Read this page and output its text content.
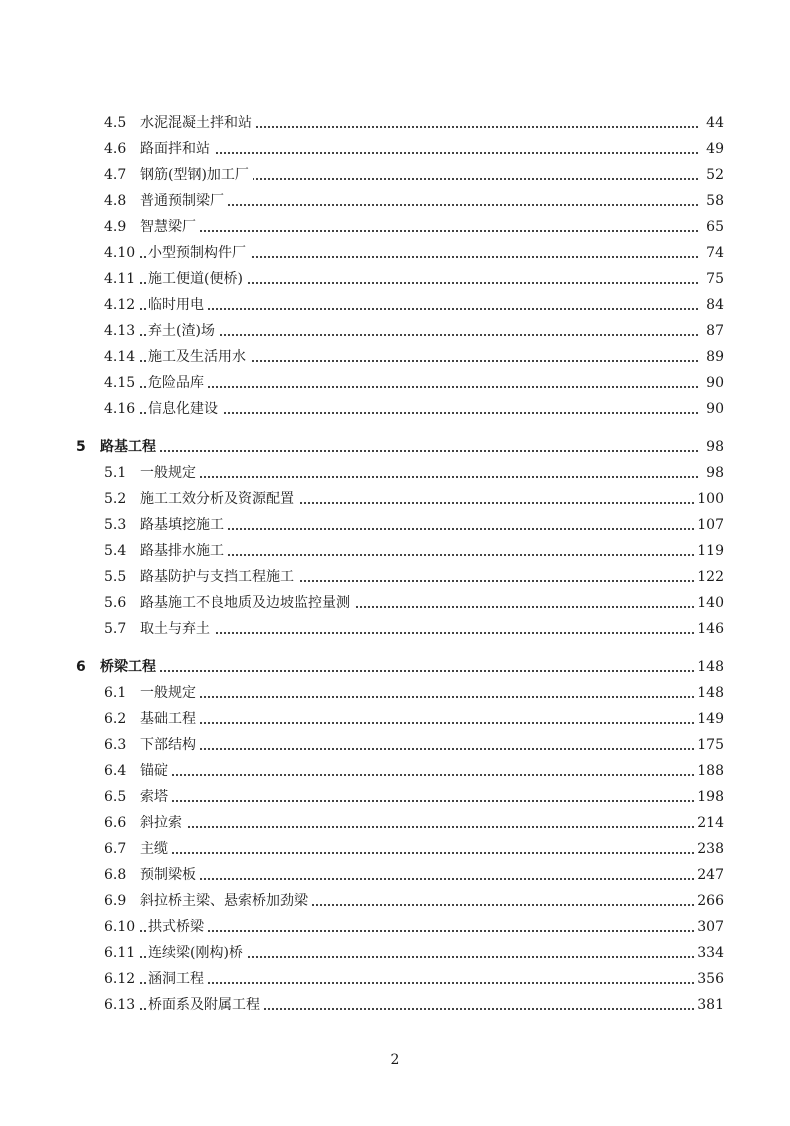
4.5 水泥混凝土拌和站	44
4.6 路面拌和站	49
4.7 钢筋(型钢)加工厂	52
4.8 普通预制梁厂	58
4.9 智慧梁厂	65
4.10 小型预制构件厂	74
4.11 施工便道(便桥)	75
4.12 临时用电	84
4.13 弃土(渣)场	87
4.14 施工及生活用水	89
4.15 危险品库	90
4.16 信息化建设	90
5 路基工程	98
5.1 一般规定	98
5.2 施工工效分析及资源配置	100
5.3 路基填挖施工	107
5.4 路基排水施工	119
5.5 路基防护与支挡工程施工	122
5.6 路基施工不良地质及边坡监控量测	140
5.7 取土与弃土	146
6 桥梁工程	148
6.1 一般规定	148
6.2 基础工程	149
6.3 下部结构	175
6.4 锚碇	188
6.5 索塔	198
6.6 斜拉索	214
6.7 主缆	238
6.8 预制梁板	247
6.9 斜拉桥主梁、悬索桥加劲梁	266
6.10 拱式桥梁	307
6.11 连续梁(刚构)桥	334
6.12 涵洞工程	356
6.13 桥面系及附属工程	381
2
